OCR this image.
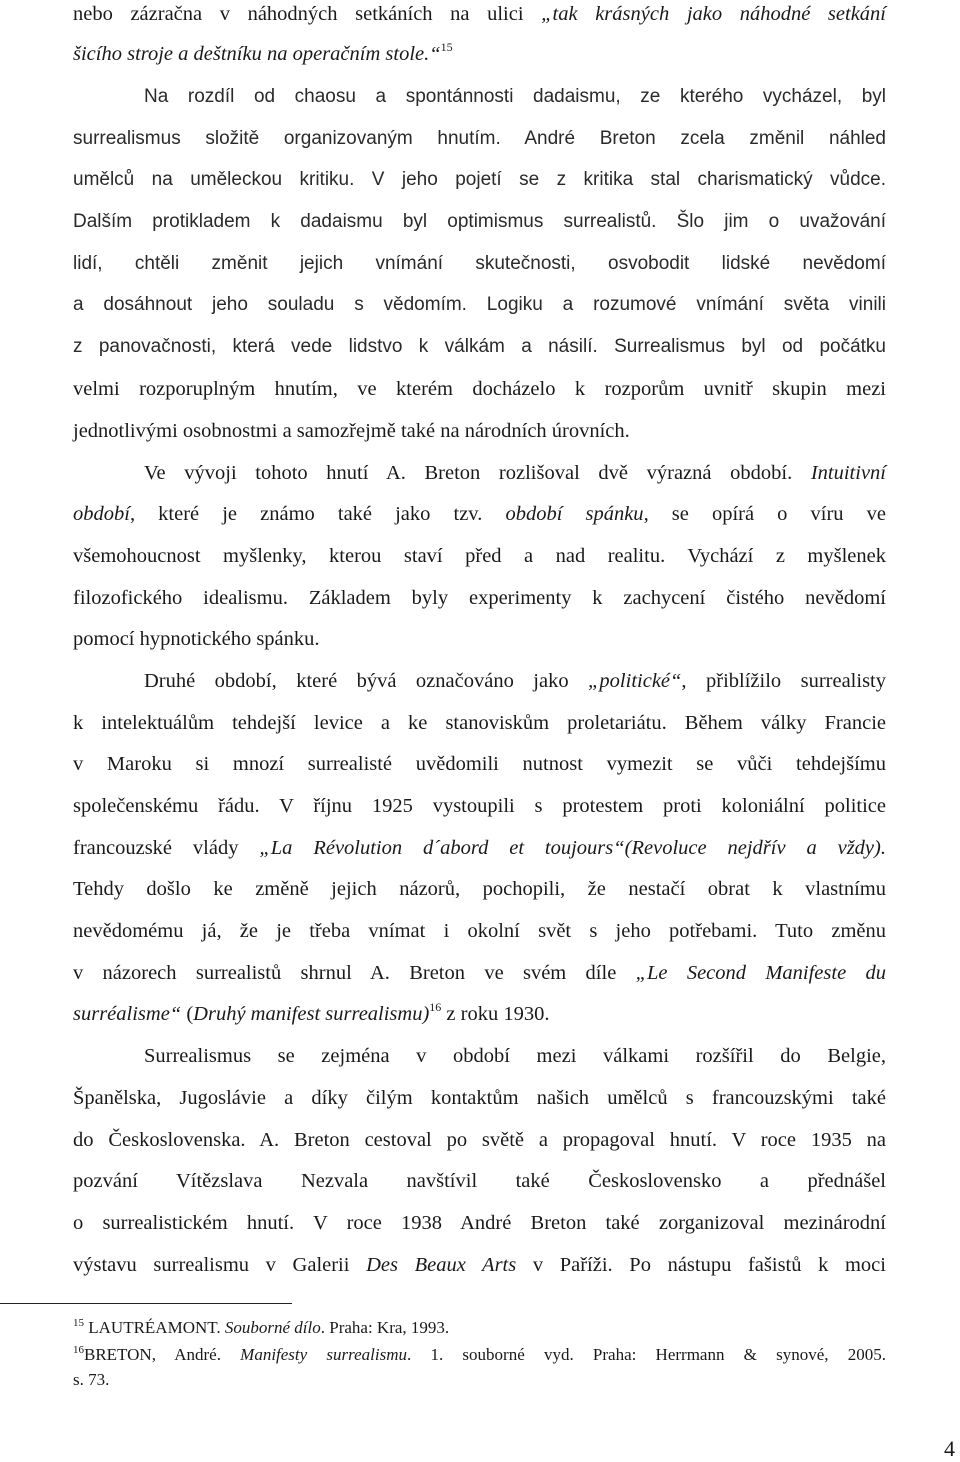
nebo zázračna v náhodných setkáních na ulici „tak krásných jako náhodné setkání
šicího stroje a deštníku na operačním stole.“$^{15}$
Na rozdíl od chaosu a spontánnosti dadaismu, ze kterého vycházel, byl
surrealismus složitě organizovaným hnutím. André Breton zcela změnil náhled
umělců na uměleckou kritiku. V jeho pojetí se z kritika stal charismatický vůdce.
Dalším protikladem k dadaismu byl optimismus surrealistů. Šlo jim o uvažování
lidí, chtěli změnit jejich vnímání skutečnosti, osvobodit lidské nevědomí
a dosáhnout jeho souladu s vědomím. Logiku a rozumové vnímání světa vinili
z panovačnosti, která vede lidstvo k válkám a násilí. Surrealismus byl od počátku
velmi rozporuplným hnutím, ve kterém docházelo k rozporům uvnitř skupin mezi
jednotlivými osobnostmi a samozřejmě také na národních úrovních.
Ve vývoji tohoto hnutí A. Breton rozlišoval dvě výrazná období. Intuitivní
období, které je známo také jako tzv. období spánku, se opírá o víru ve
všemohoucnost myšlenky, kterou staví před a nad realitu. Vychází z myšlenek
filozofického idealismu. Základem byly experimenty k zachycení čistého nevědomí
pomocí hypnotického spánku.
Druhé období, které bývá označováno jako „politické“, přiblížilo surrealisty
k intelektuálům tehdejší levice a ke stanoviskům proletariátu. Během války Francie
v Maroku si mnozí surrealisté uvědomili nutnost vymezit se vůči tehdejšímu
společenskému řádu. V říjnu 1925 vystoupili s protestem proti koloniální politice
francouzské vlády „La Révolution d´abord et toujours“(Revoluce nejdřív a vždy).
Tehdy došlo ke změně jejich názorů, pochopili, že nestačí obrat k vlastnímu
nevědomému já, že je třeba vnímat i okolní svět s jeho potřebami. Tuto změnu
v názorech surrealistů shrnul A. Breton ve svém díle „Le Second Manifeste du
surréalisme“ (Druhý manifest surrealismu)$^{16}$ z roku 1930.
Surrealismus se zejména v období mezi válkami rozšířil do Belgie,
Španělska, Jugoslávie a díky čilým kontaktům našich umělců s francouzskými také
do Československa. A. Breton cestoval po světě a propagoval hnutí. V roce 1935 na
pozvání Vítězslava Nezvala navštívil také Československo a přednášel
o surrealistickém hnutí. V roce 1938 André Breton také zorganizoval mezinárodní
výstavu surrealismu v Galerii Des Beaux Arts v Paříži. Po nástupu fašistů k moci
$^{15}$ LAUTRÉAMONT. Souborné dílo. Praha: Kra, 1993.
$^{16}$BRETON, André. Manifesty surrealismu. 1. souborné vyd. Praha: Herrmann & synové, 2005.
s. 73.
4
